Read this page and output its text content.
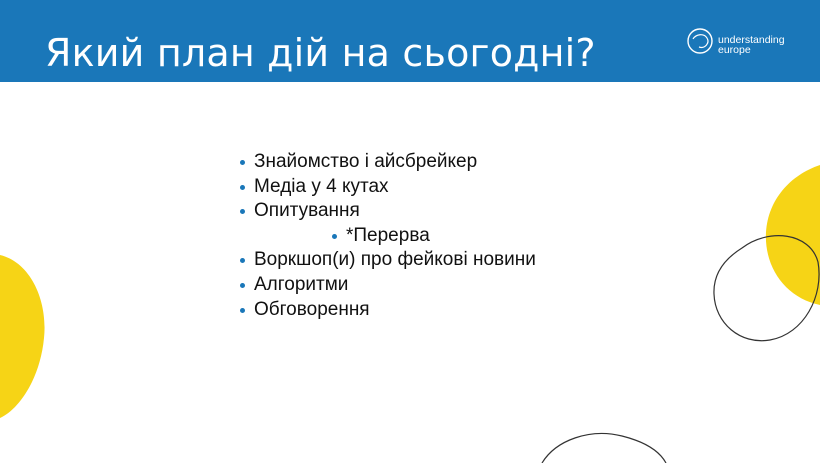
Який план дій на сьогодні?	understanding
europe
Знайомство і айсбрейкер
Медіа у 4 кутах
Опитування
*Перерва
Воркшоп(и) про фейкові новини
Алгоритми
Обговорення
